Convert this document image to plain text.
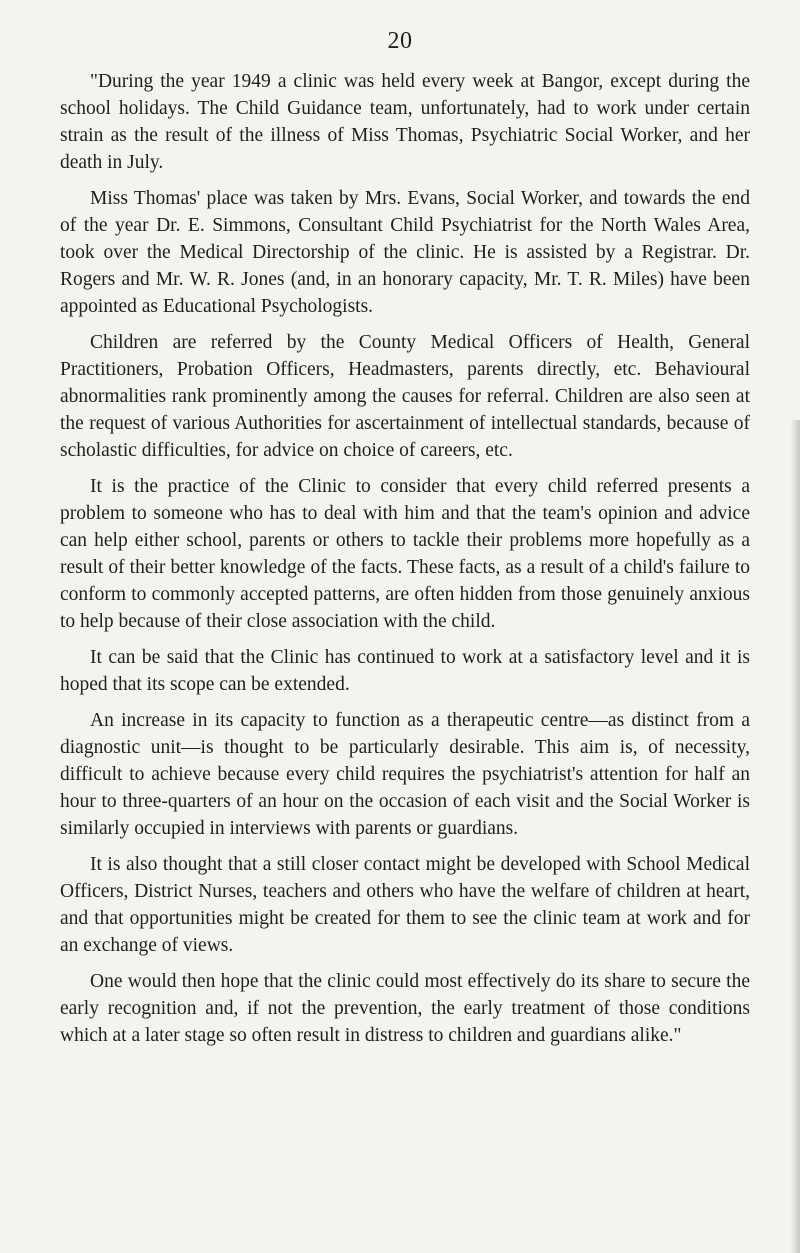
20

"During the year 1949 a clinic was held every week at Bangor, except during the school holidays. The Child Guidance team, unfortunately, had to work under certain strain as the result of the illness of Miss Thomas, Psychiatric Social Worker, and her death in July.

Miss Thomas' place was taken by Mrs. Evans, Social Worker, and towards the end of the year Dr. E. Simmons, Consultant Child Psychiatrist for the North Wales Area, took over the Medical Directorship of the clinic. He is assisted by a Registrar. Dr. Rogers and Mr. W. R. Jones (and, in an honorary capacity, Mr. T. R. Miles) have been appointed as Educational Psychologists.

Children are referred by the County Medical Officers of Health, General Practitioners, Probation Officers, Headmasters, parents directly, etc. Behavioural abnormalities rank prominently among the causes for referral. Children are also seen at the request of various Authorities for ascertainment of intellectual standards, because of scholastic difficulties, for advice on choice of careers, etc.

It is the practice of the Clinic to consider that every child referred presents a problem to someone who has to deal with him and that the team's opinion and advice can help either school, parents or others to tackle their problems more hopefully as a result of their better knowledge of the facts. These facts, as a result of a child's failure to conform to commonly accepted patterns, are often hidden from those genuinely anxious to help because of their close association with the child.

It can be said that the Clinic has continued to work at a satisfactory level and it is hoped that its scope can be extended.

An increase in its capacity to function as a therapeutic centre—as distinct from a diagnostic unit—is thought to be particularly desirable. This aim is, of necessity, difficult to achieve because every child requires the psychiatrist's attention for half an hour to three-quarters of an hour on the occasion of each visit and the Social Worker is similarly occupied in interviews with parents or guardians.

It is also thought that a still closer contact might be developed with School Medical Officers, District Nurses, teachers and others who have the welfare of children at heart, and that opportunities might be created for them to see the clinic team at work and for an exchange of views.

One would then hope that the clinic could most effectively do its share to secure the early recognition and, if not the prevention, the early treatment of those conditions which at a later stage so often result in distress to children and guardians alike."
